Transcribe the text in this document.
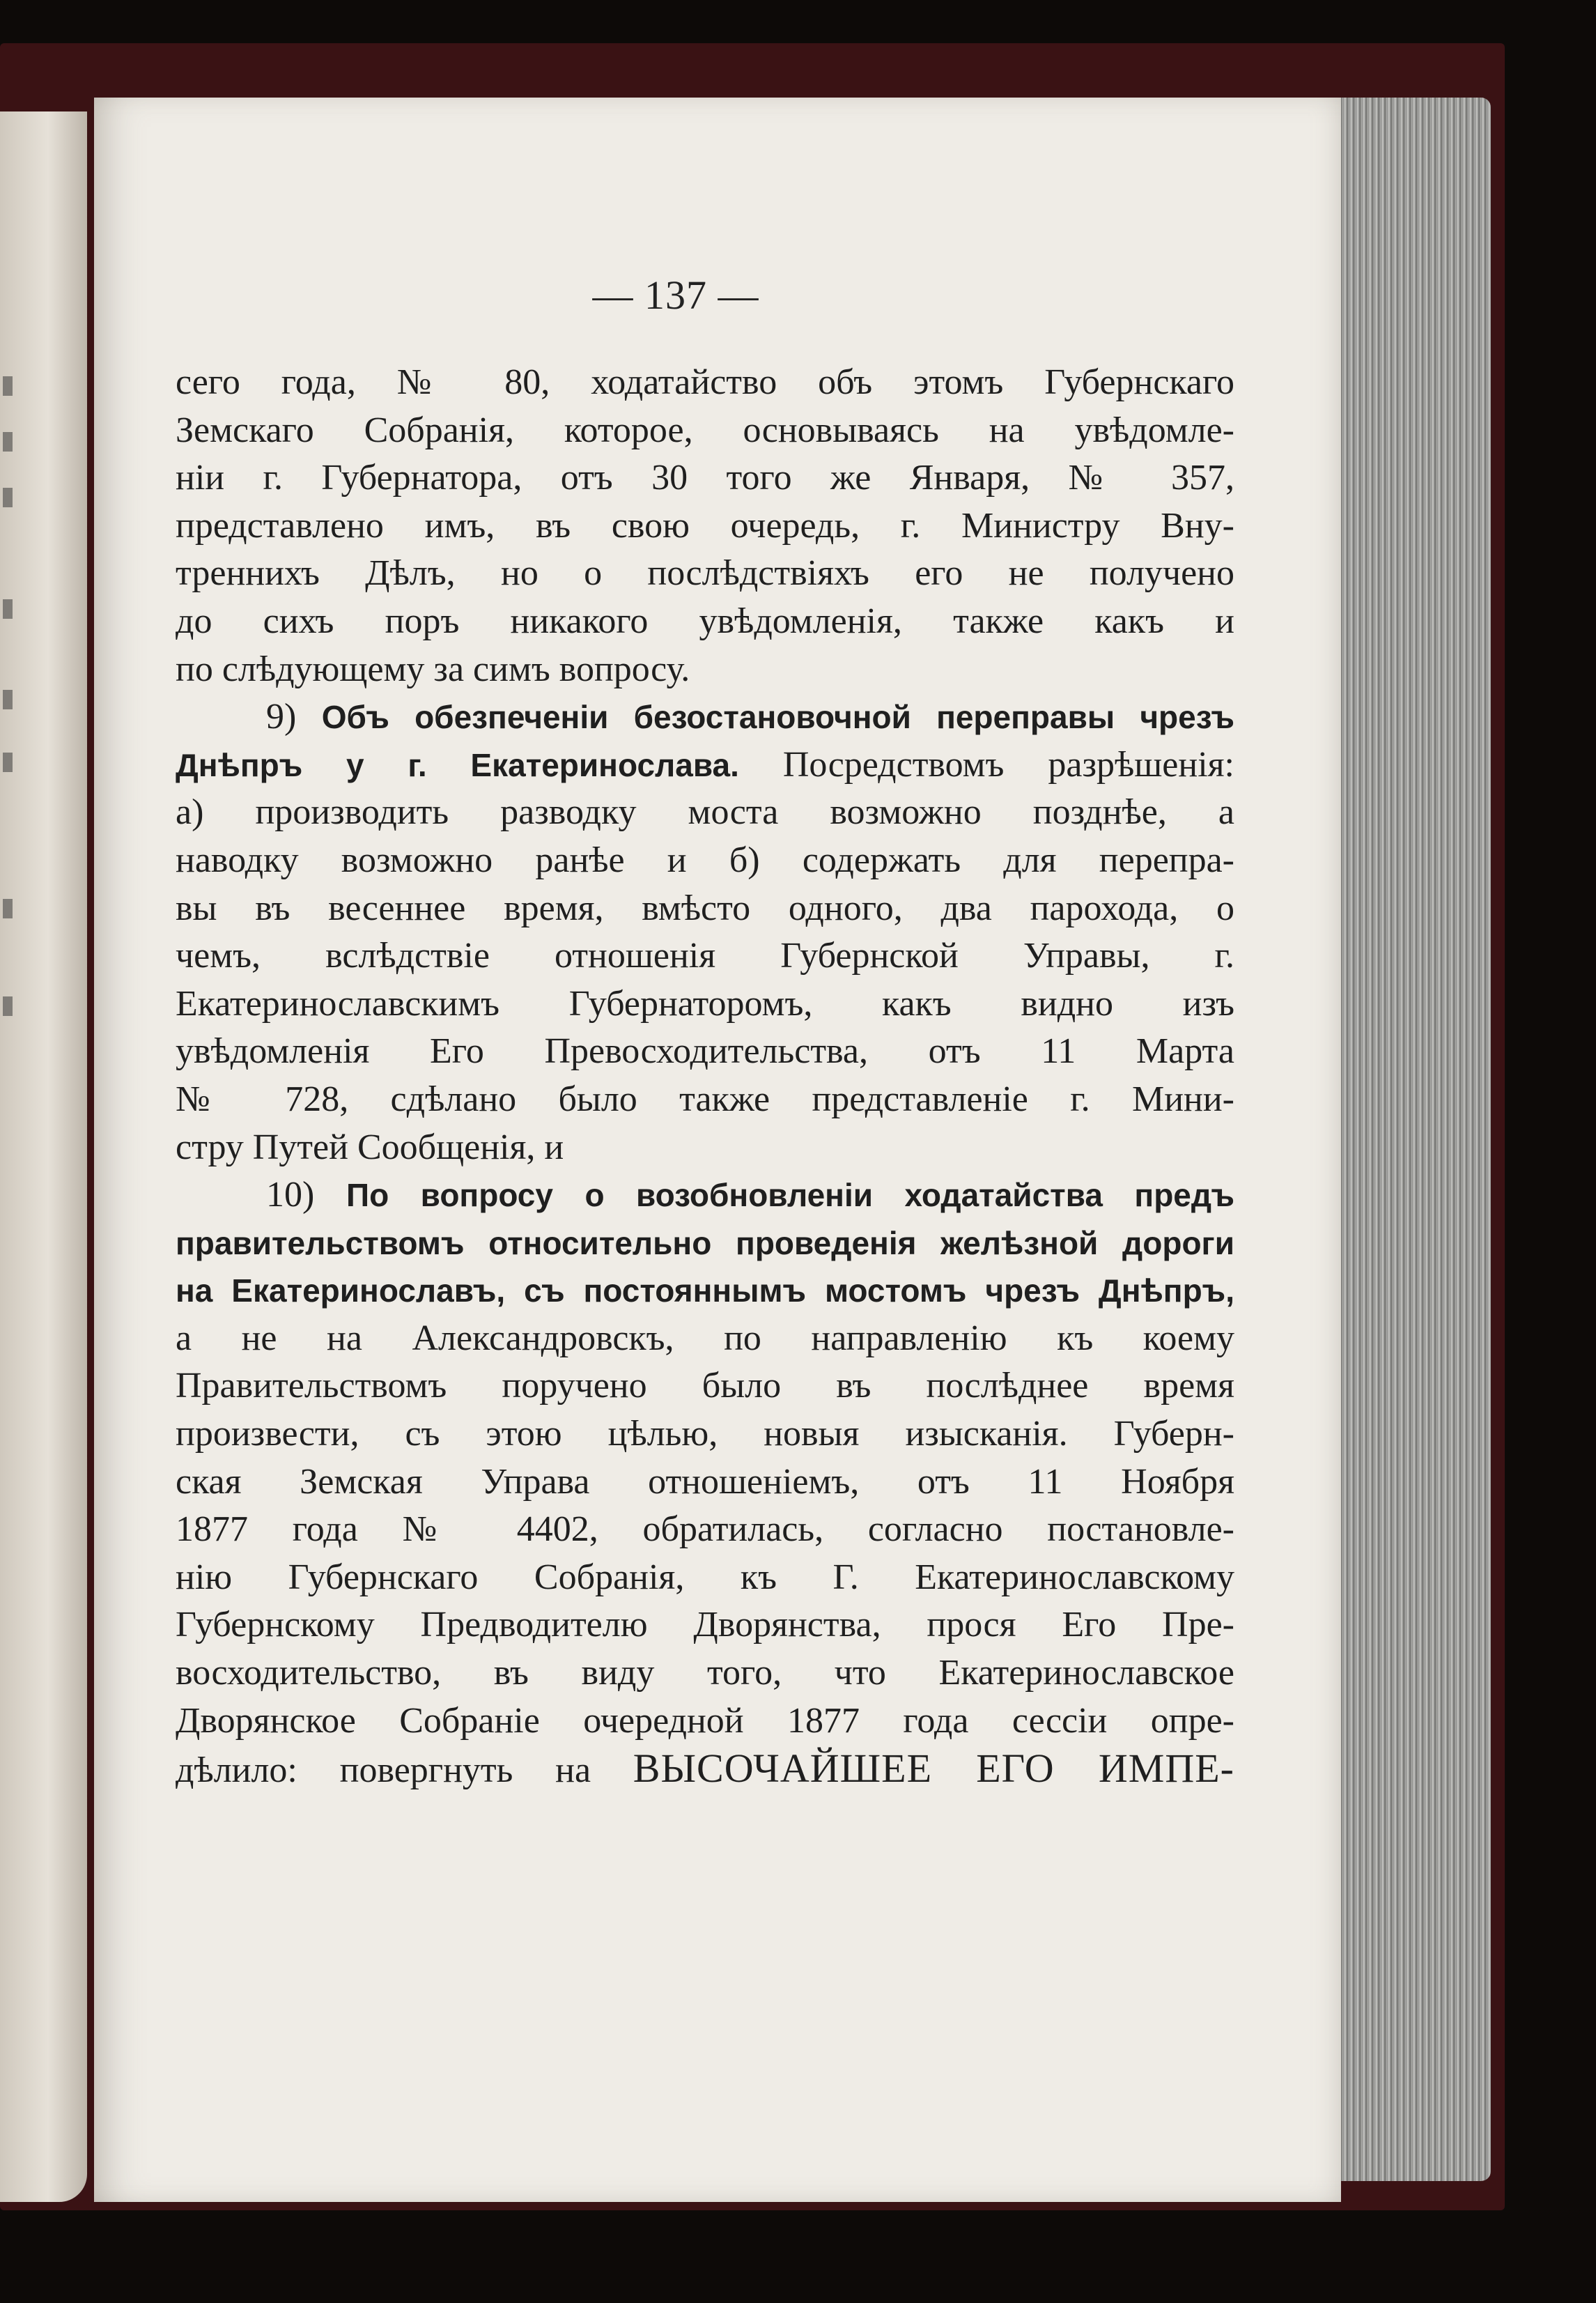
— 137 —
сего года, № 80, ходатайство объ этомъ Губернскаго
Земскаго Собранія, которое, основываясь на увѣдомле-
ніи г. Губернатора, отъ 30 того же Января, № 357,
представлено имъ, въ свою очередь, г. Министру Вну-
треннихъ Дѣлъ, но о послѣдствіяхъ его не получено
до сихъ поръ никакого увѣдомленія, также какъ и
по слѣдующему за симъ вопросу.
9) Объ обезпеченіи безостановочной переправы чрезъ
Днѣпръ у г. Екатеринослава. Посредствомъ разрѣшенія:
а) производить разводку моста возможно позднѣе, а
наводку возможно ранѣе и б) содержать для перепра-
вы въ весеннее время, вмѣсто одного, два парохода, о
чемъ, вслѣдствіе отношенія Губернской Управы, г.
Екатеринославскимъ Губернаторомъ, какъ видно изъ
увѣдомленія Его Превосходительства, отъ 11 Марта
№ 728, сдѣлано было также представленіе г. Мини-
стру Путей Сообщенія, и
10) По вопросу о возобновленіи ходатайства предъ
правительствомъ относительно проведенія желѣзной дороги
на Екатеринославъ, съ постояннымъ мостомъ чрезъ Днѣпръ,
а не на Александровскъ, по направленію къ коему
Правительствомъ поручено было въ послѣднее время
произвести, съ этою цѣлью, новыя изысканія. Губерн-
ская Земская Управа отношеніемъ, отъ 11 Ноября
1877 года № 4402, обратилась, согласно постановле-
нію Губернскаго Собранія, къ Г. Екатеринославскому
Губернскому Предводителю Дворянства, прося Его Пре-
восходительство, въ виду того, что Екатеринославское
Дворянское Собраніе очередной 1877 года сессіи опре-
дѣлило: повергнуть на ВЫСОЧАЙШЕЕ ЕГО ИМПЕ-
